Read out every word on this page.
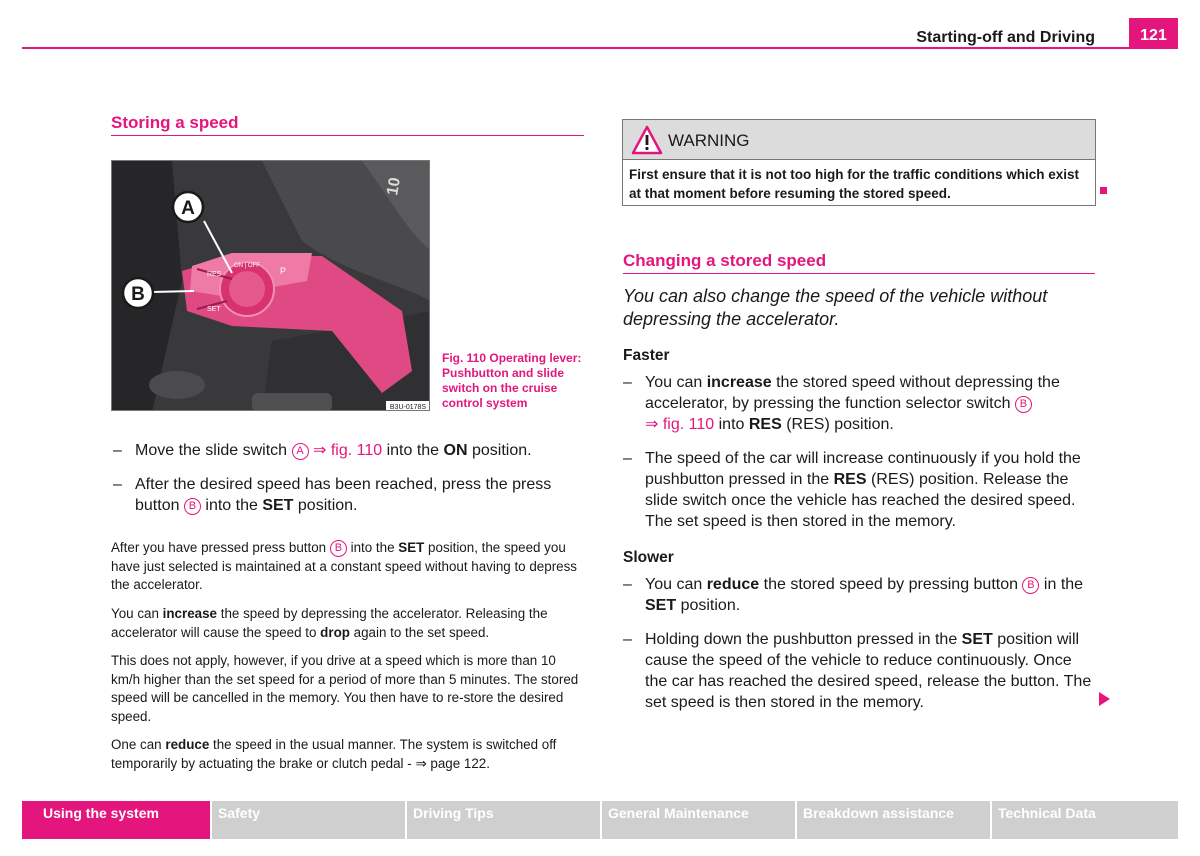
Starting-off and Driving	121
Storing a speed
10
RES
SET
ON | OFF P
A
B
B3U-0178S
Fig. 110 Operating lever: Pushbutton and slide switch on the cruise control system
– Move the slide switch A ⇒ fig. 110 into the ON position.
– After the desired speed has been reached, press the press button B into the SET position.
After you have pressed press button B into the SET position, the speed you have just selected is maintained at a constant speed without having to depress the accelerator.
You can increase the speed by depressing the accelerator. Releasing the accelerator will cause the speed to drop again to the set speed.
This does not apply, however, if you drive at a speed which is more than 10 km/h higher than the set speed for a period of more than 5 minutes. The stored speed will be cancelled in the memory. You then have to re-store the desired speed.
One can reduce the speed in the usual manner. The system is switched off temporarily by actuating the brake or clutch pedal - ⇒ page 122.
WARNING
First ensure that it is not too high for the traffic conditions which exist at that moment before resuming the stored speed.
Changing a stored speed
You can also change the speed of the vehicle without depressing the accelerator.
Faster
– You can increase the stored speed without depressing the accelerator, by pressing the function selector switch B
⇒ fig. 110 into RES (RES) position.
– The speed of the car will increase continuously if you hold the pushbutton pressed in the RES (RES) position. Release the slide switch once the vehicle has reached the desired speed. The set speed is then stored in the memory.
Slower
– You can reduce the stored speed by pressing button B in the SET position.
– Holding down the pushbutton pressed in the SET position will cause the speed of the vehicle to reduce continuously. Once the car has reached the desired speed, release the button. The set speed is then stored in the memory.
Using the system	Safety	Driving Tips	General Maintenance	Breakdown assistance	Technical Data
